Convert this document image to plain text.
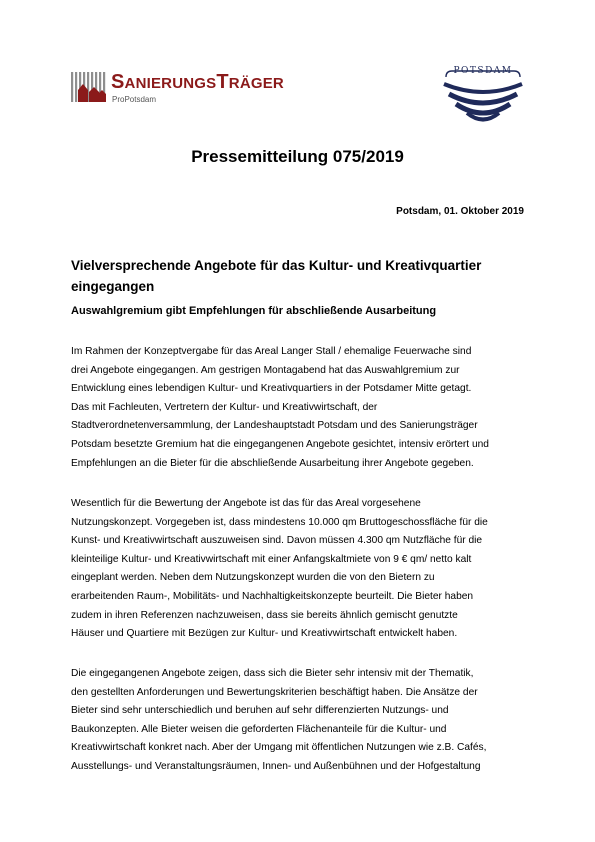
SANIERUNGSTRÄGER
ProPotsdam
POTSDAM
Pressemitteilung 075/2019
Potsdam, 01. Oktober 2019
Vielversprechende Angebote für das Kultur- und Kreativquartier eingegangen
Auswahlgremium gibt Empfehlungen für abschließende Ausarbeitung
Im Rahmen der Konzeptvergabe für das Areal Langer Stall / ehemalige Feuerwache sind
drei Angebote eingegangen. Am gestrigen Montagabend hat das Auswahlgremium zur
Entwicklung eines lebendigen Kultur- und Kreativquartiers in der Potsdamer Mitte getagt.
Das mit Fachleuten, Vertretern der Kultur- und Kreativwirtschaft, der
Stadtverordnetenversammlung, der Landeshauptstadt Potsdam und des Sanierungsträger
Potsdam besetzte Gremium hat die eingegangenen Angebote gesichtet, intensiv erörtert und
Empfehlungen an die Bieter für die abschließende Ausarbeitung ihrer Angebote gegeben.
Wesentlich für die Bewertung der Angebote ist das für das Areal vorgesehene
Nutzungskonzept. Vorgegeben ist, dass mindestens 10.000 qm Bruttogeschossfläche für die
Kunst- und Kreativwirtschaft auszuweisen sind. Davon müssen 4.300 qm Nutzfläche für die
kleinteilige Kultur- und Kreativwirtschaft mit einer Anfangskaltmiete von 9 € qm/ netto kalt
eingeplant werden. Neben dem Nutzungskonzept wurden die von den Bietern zu
erarbeitenden Raum-, Mobilitäts- und Nachhaltigkeitskonzepte beurteilt. Die Bieter haben
zudem in ihren Referenzen nachzuweisen, dass sie bereits ähnlich gemischt genutzte
Häuser und Quartiere mit Bezügen zur Kultur- und Kreativwirtschaft entwickelt haben.
Die eingegangenen Angebote zeigen, dass sich die Bieter sehr intensiv mit der Thematik,
den gestellten Anforderungen und Bewertungskriterien beschäftigt haben. Die Ansätze der
Bieter sind sehr unterschiedlich und beruhen auf sehr differenzierten Nutzungs- und
Baukonzepten. Alle Bieter weisen die geforderten Flächenanteile für die Kultur- und
Kreativwirtschaft konkret nach. Aber der Umgang mit öffentlichen Nutzungen wie z.B. Cafés,
Ausstellungs- und Veranstaltungsräumen, Innen- und Außenbühnen und der Hofgestaltung
